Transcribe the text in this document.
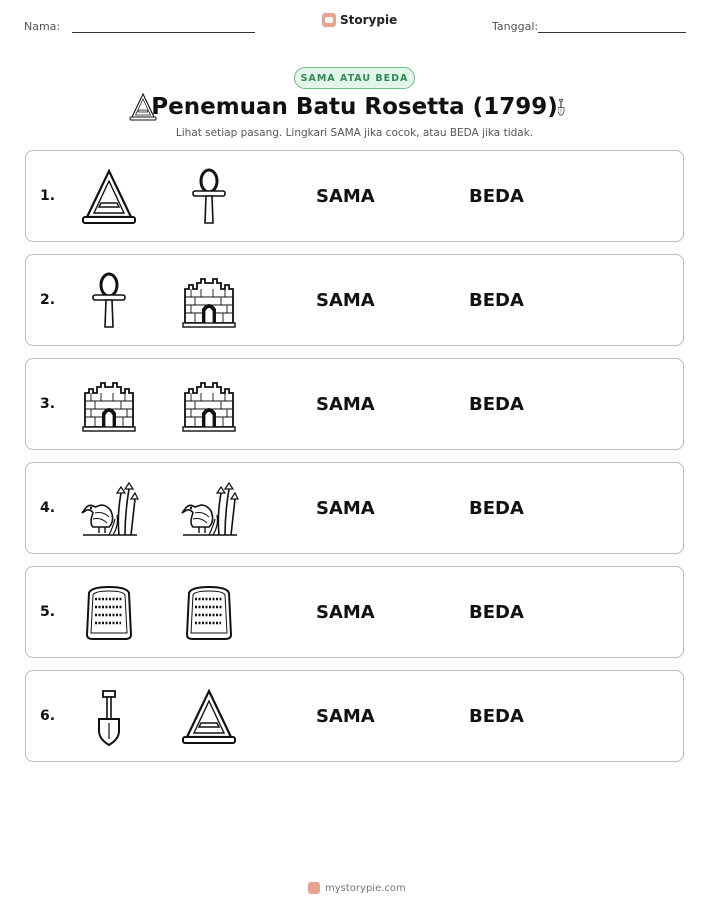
Nama:	Storypie	Tanggal:
SAMA ATAU BEDA
Penemuan Batu Rosetta (1799)
Lihat setiap pasang. Lingkari SAMA jika cocok, atau BEDA jika tidak.
1.	SAMA	BEDA
2.	SAMA	BEDA
3.	SAMA	BEDA
4.	SAMA	BEDA
5.	SAMA	BEDA
6.	SAMA	BEDA
mystorypie.com
